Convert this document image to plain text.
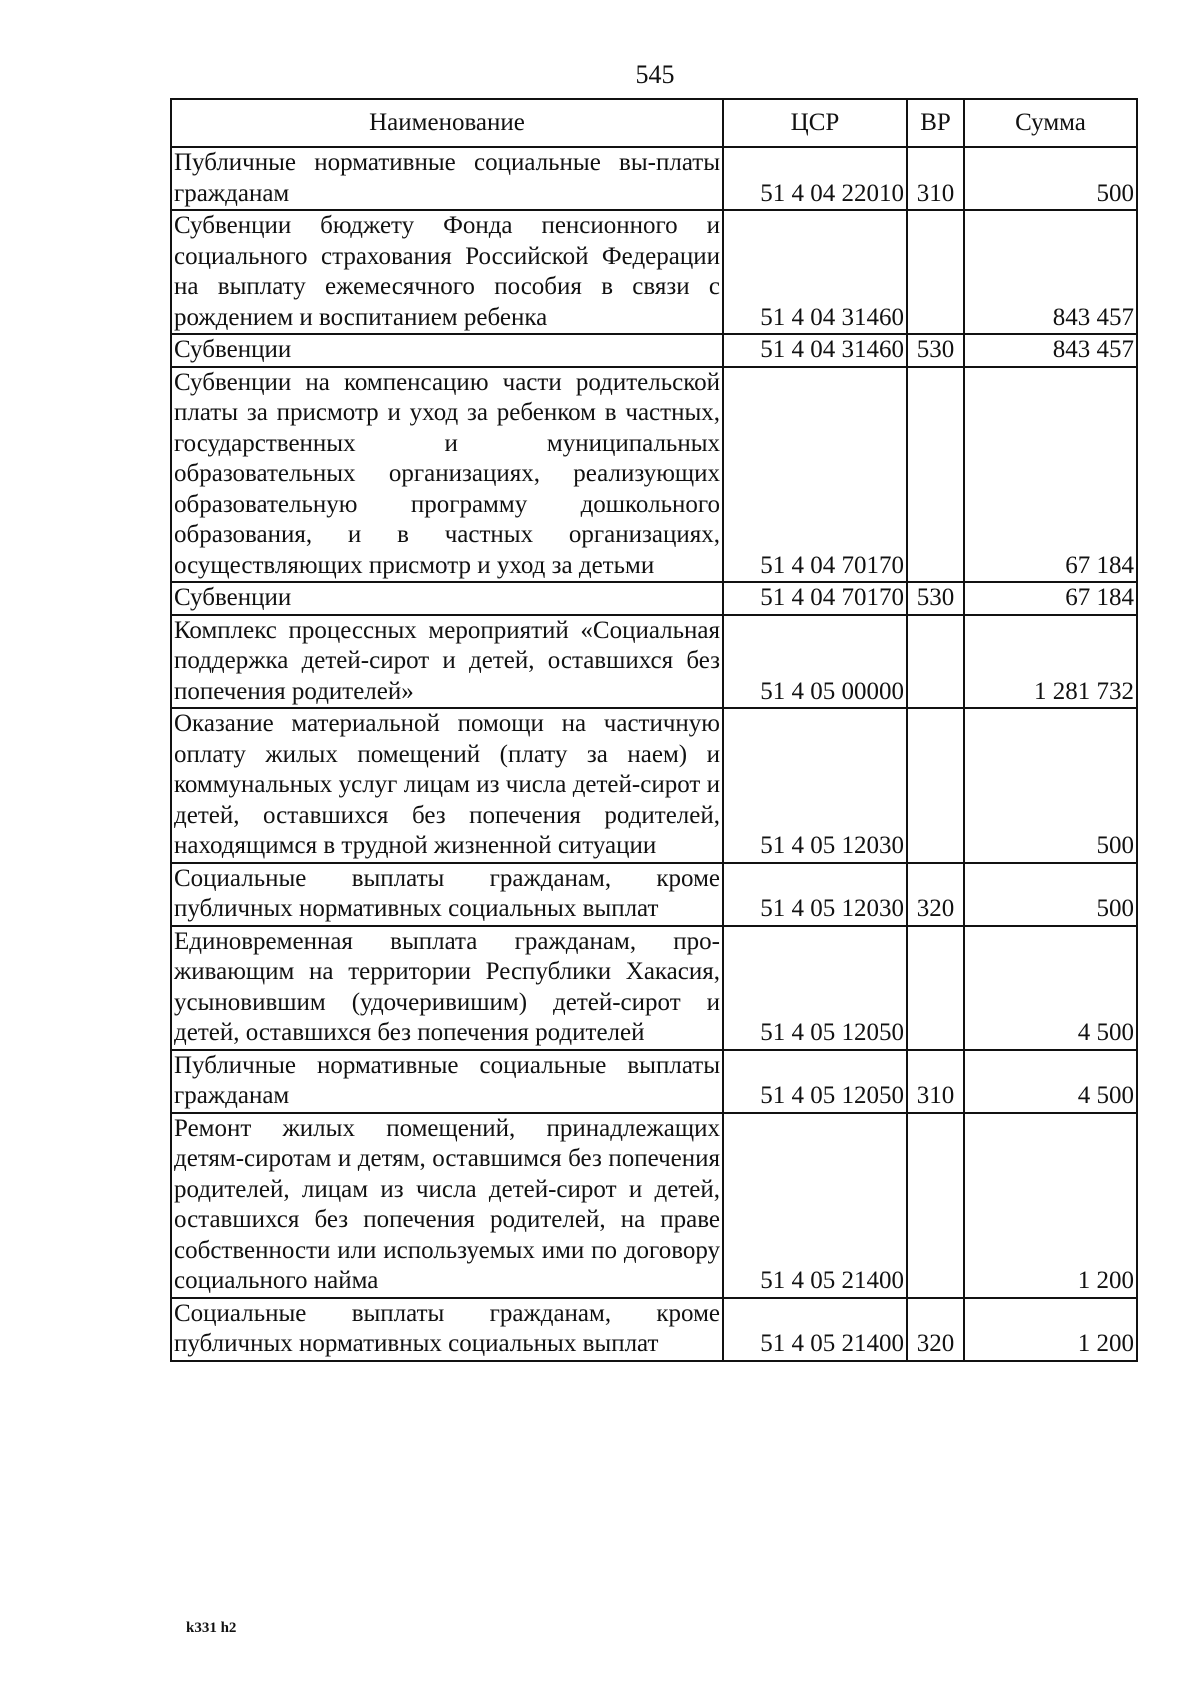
545
Наименование	ЦСР	ВР	Сумма
Публичные нормативные социальные вы-платы гражданам	51 4 04 22010	310	500
Субвенции бюджету Фонда пенсионного и социального страхования Российской Федерации на выплату ежемесячного пособия в связи с рождением и воспитанием ребенка	51 4 04 31460		843 457
Субвенции	51 4 04 31460	530	843 457
Субвенции на компенсацию части родительской платы за присмотр и уход за ребенком в частных, государственных и муниципальных образовательных организациях, реализующих образовательную программу дошкольного образования, и в частных организациях, осуществляющих присмотр и уход за детьми	51 4 04 70170		67 184
Субвенции	51 4 04 70170	530	67 184
Комплекс процессных мероприятий «Социальная поддержка детей-сирот и детей, оставшихся без попечения родителей»	51 4 05 00000		1 281 732
Оказание материальной помощи на частичную оплату жилых помещений (плату за наем) и коммунальных услуг лицам из числа детей-сирот и детей, оставшихся без попечения родителей, находящимся в трудной жизненной ситуации	51 4 05 12030		500
Социальные выплаты гражданам, кроме публичных нормативных социальных выплат	51 4 05 12030	320	500
Единовременная выплата гражданам, проживающим на территории Республики Хакасия, усыновившим (удочеривишим) детей-сирот и детей, оставшихся без попечения родителей	51 4 05 12050		4 500
Публичные нормативные социальные выплаты гражданам	51 4 05 12050	310	4 500
Ремонт жилых помещений, принадлежащих детям-сиротам и детям, оставшимся без попечения родителей, лицам из числа детей-сирот и детей, оставшихся без попечения родителей, на праве собственности или используемых ими по договору социального найма	51 4 05 21400		1 200
Социальные выплаты гражданам, кроме публичных нормативных социальных выплат	51 4 05 21400	320	1 200
k331 h2
